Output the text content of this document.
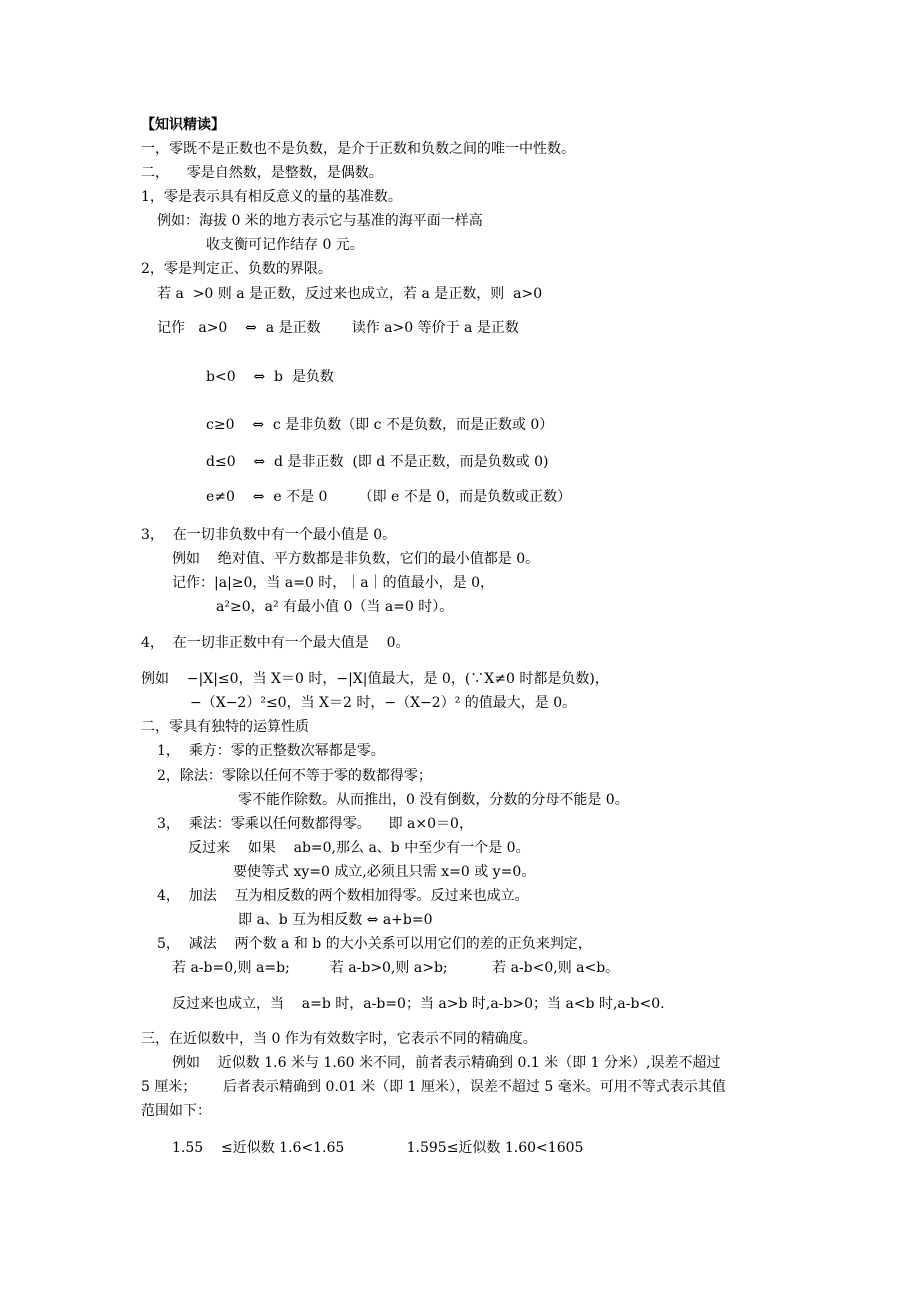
【知识精读】
一，零既不是正数也不是负数，是介于正数和负数之间的唯一中性数。
二，    零是自然数，是整数，是偶数。
1，零是表示具有相反意义的量的基准数。
例如：海拔 0 米的地方表示它与基准的海平面一样高
收支衡可记作结存 0 元。
2，零是判定正、负数的界限。
若 a  >0 则 a 是正数，反过来也成立，若 a 是正数，则  a>0
记作   a>0    ⇔  a 是正数       读作 a>0 等价于 a 是正数
b<0    ⇔  b  是负数
c≥0    ⇔  c 是非负数（即 c 不是负数，而是正数或 0）
d≤0    ⇔  d 是非正数  (即 d 不是正数，而是负数或 0)
e≠0    ⇔  e 不是 0       （即 e 不是 0，而是负数或正数）
3，  在一切非负数中有一个最小值是 0。
例如    绝对值、平方数都是非负数，它们的最小值都是 0。
记作：|a|≥0，当 a=0 时，｜a｜的值最小，是 0，
a²≥0，a² 有最小值 0（当 a=0 时）。
4，  在一切非正数中有一个最大值是    0。
例如    −|X|≤0，当 X＝0 时，−|X|值最大，是 0，(∵X≠0 时都是负数)，
−（X−2）²≤0，当 X＝2 时，−（X−2）² 的值最大，是 0。
二，零具有独特的运算性质
1，  乘方：零的正整数次幂都是零。
2，除法：零除以任何不等于零的数都得零；
零不能作除数。从而推出，0 没有倒数，分数的分母不能是 0。
3，  乘法：零乘以任何数都得零。    即 a×0＝0，
反过来    如果    ab=0,那么 a、b 中至少有一个是 0。
要使等式 xy=0 成立,必须且只需 x=0 或 y=0。
4，  加法    互为相反数的两个数相加得零。反过来也成立。
即 a、b 互为相反数 ⇔ a+b=0
5，  减法    两个数 a 和 b 的大小关系可以用它们的差的正负来判定，
若 a-b=0,则 a=b;         若 a-b>0,则 a>b;          若 a-b<0,则 a<b。
反过来也成立，当    a=b 时，a-b=0；当 a>b 时,a-b>0；当 a<b 时,a-b<0.
三，在近似数中，当 0 作为有效数字时，它表示不同的精确度。
例如    近似数 1.6 米与 1.60 米不同，前者表示精确到 0.1 米（即 1 分米）,误差不超过
5 厘米；      后者表示精确到 0.01 米（即 1 厘米），误差不超过 5 毫米。可用不等式表示其值
范围如下：
1.55    ≤近似数 1.6<1.65              1.595≤近似数 1.60<1605
